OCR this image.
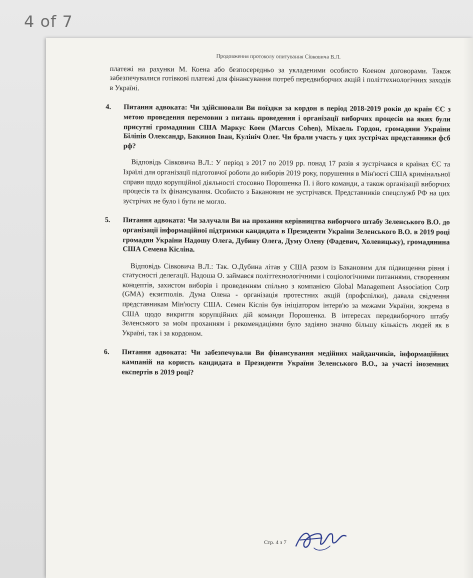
4 of 7
Продовження протоколу опитування Сівковича В.Л.

платежі на рахунки М. Коена або безпосередньо за укладеними особисто Коеном договорами. Також забезпечувалися готівкові платежі для фінансування потреб передвиборчих акцій і політтехнологічних заходів в Україні.

4. Питання адвоката: Чи здійснювали Ви поїздки за кордон в період 2018-2019 років до країн ЄС з метою проведення перемовин з питань проведення і організації виборчих процесів на яких були присутні громадянин США Маркус Коен (Marcus Cohen), Міхаель Гордон, громадяни України Біліпів Олександр, Бакинов Іван, Кулініч Олег. Чи брали участь у цих зустрічах представники фсб рф?

Відповідь Сівковича В.Л.: У період з 2017 по 2019 рр. понад 17 разів я зустрічався в країнах ЄС та Ізраїлі для організації підготовчої роботи до виборів 2019 року, порушення в Мін'юсті США кримінальної справи щодо корупційної діяльності стосовно Порошенка П. і його команди, а також організації виборчих процесів та їх фінансування. Особисто з Бакановим не зустрічався. Представників спецслужб РФ на цих зустрічах не було і бути не могло.

5. Питання адвоката: Чи залучали Ви на прохання керівництва виборчого штабу Зеленського В.О. до організації інформаційної підтримки кандидата в Президенти України Зеленського В.О. в 2019 році громадян України Надошу Олега, Дубину Олега, Думу Олену (Фадевич, Холевицьку), громадянина США Семена Кісліна.

Відповідь Сівковича В.Л.: Так. О.Дубина літав у США разом із Бакановим для підвищення рівня і статусності делегації. Надоша О. займався політтехнологічними і соціологічними питаннями, створенням концептів, захистом виборів і проведенням спільно з компанією Global Management Association Corp (GMA) екзитполів. Дума Олена - організація протестних акцій (профспілки), давала свідчення представникам Мін'юсту США. Семен Кіслін був ініціатором інтерв'ю за межами України, зокрема в США щодо викриття корупційних дій команди Порошенка. В інтересах передвиборчого штабу Зеленського за моїм проханням і рекомендаціями було задіяно значно більшу кількість людей як в Україні, так і за кордоном.

6. Питання адвоката: Чи забезпечували Ви фінансування медійних майданчиків, інформаційних кампаній на користь кандидата в Президенти України Зеленського В.О., за участі іноземних експертів в 2019 році?
Стр. 4 з 7
